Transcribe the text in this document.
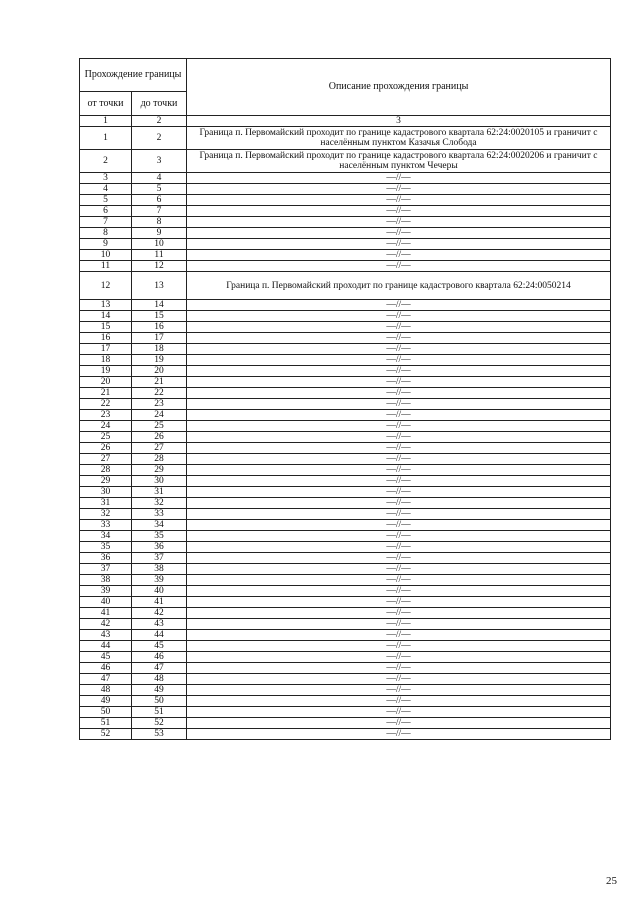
Прохождение границы		Описание прохождения границы
от точки	до точки	
1	2	3
1	2	Граница п. Первомайский проходит по границе кадастрового квартала 62:24:0020105 и граничит с населённым пунктом Казачья Слобода
2	3	Граница п. Первомайский проходит по границе кадастрового квартала 62:24:0020206 и граничит с населённым пунктом Чечеры
3	4	—//—
4	5	—//—
5	6	—//—
6	7	—//—
7	8	—//—
8	9	—//—
9	10	—//—
10	11	—//—
11	12	—//—
12	13	Граница п. Первомайский проходит по границе кадастрового квартала 62:24:0050214
13	14	—//—
14	15	—//—
15	16	—//—
16	17	—//—
17	18	—//—
18	19	—//—
19	20	—//—
20	21	—//—
21	22	—//—
22	23	—//—
23	24	—//—
24	25	—//—
25	26	—//—
26	27	—//—
27	28	—//—
28	29	—//—
29	30	—//—
30	31	—//—
31	32	—//—
32	33	—//—
33	34	—//—
34	35	—//—
35	36	—//—
36	37	—//—
37	38	—//—
38	39	—//—
39	40	—//—
40	41	—//—
41	42	—//—
42	43	—//—
43	44	—//—
44	45	—//—
45	46	—//—
46	47	—//—
47	48	—//—
48	49	—//—
49	50	—//—
50	51	—//—
51	52	—//—
52	53	—//—
25
